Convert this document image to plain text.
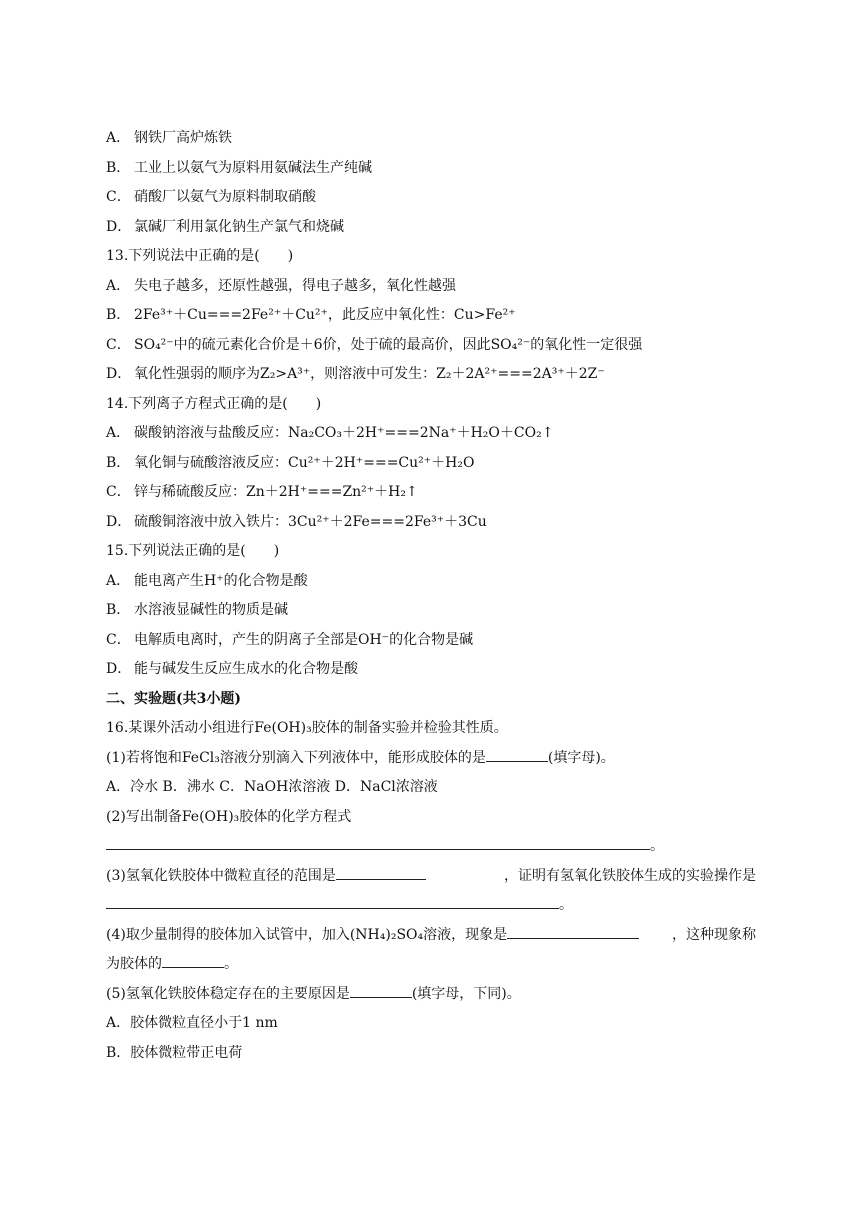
A． 钢铁厂高炉炼铁
B． 工业上以氨气为原料用氨碱法生产纯碱
C． 硝酸厂以氨气为原料制取硝酸
D． 氯碱厂利用氯化钠生产氯气和烧碱
13.下列说法中正确的是(　　)
A． 失电子越多，还原性越强，得电子越多，氧化性越强
B． 2Fe³⁺＋Cu===2Fe²⁺＋Cu²⁺，此反应中氧化性：Cu>Fe²⁺
C． SO₄²⁻中的硫元素化合价是＋6价，处于硫的最高价，因此SO₄²⁻的氧化性一定很强
D． 氧化性强弱的顺序为Z₂>A³⁺，则溶液中可发生：Z₂＋2A²⁺===2A³⁺＋2Z⁻
14.下列离子方程式正确的是(　　)
A． 碳酸钠溶液与盐酸反应：Na₂CO₃＋2H⁺===2Na⁺＋H₂O＋CO₂↑
B． 氧化铜与硫酸溶液反应：Cu²⁺＋2H⁺===Cu²⁺＋H₂O
C． 锌与稀硫酸反应：Zn＋2H⁺===Zn²⁺＋H₂↑
D． 硫酸铜溶液中放入铁片：3Cu²⁺＋2Fe===2Fe³⁺＋3Cu
15.下列说法正确的是(　　)
A． 能电离产生H⁺的化合物是酸
B． 水溶液显碱性的物质是碱
C． 电解质电离时，产生的阴离子全部是OH⁻的化合物是碱
D． 能与碱发生反应生成水的化合物是酸
二、实验题(共3小题)
16.某课外活动小组进行Fe(OH)₃胶体的制备实验并检验其性质。
(1)若将饱和FeCl₃溶液分别滴入下列液体中，能形成胶体的是	(填字母)。
A．冷水 B．沸水 C．NaOH浓溶液 D．NaCl浓溶液
(2)写出制备Fe(OH)₃胶体的化学方程式
。
(3)氢氧化铁胶体中微粒直径的范围是	，证明有氢氧化铁胶体生成的实验操作是
。
(4)取少量制得的胶体加入试管中，加入(NH₄)₂SO₄溶液，现象是	，这种现象称
为胶体的	。
(5)氢氧化铁胶体稳定存在的主要原因是	(填字母，下同)。
A．胶体微粒直径小于1 nm
B．胶体微粒带正电荷
